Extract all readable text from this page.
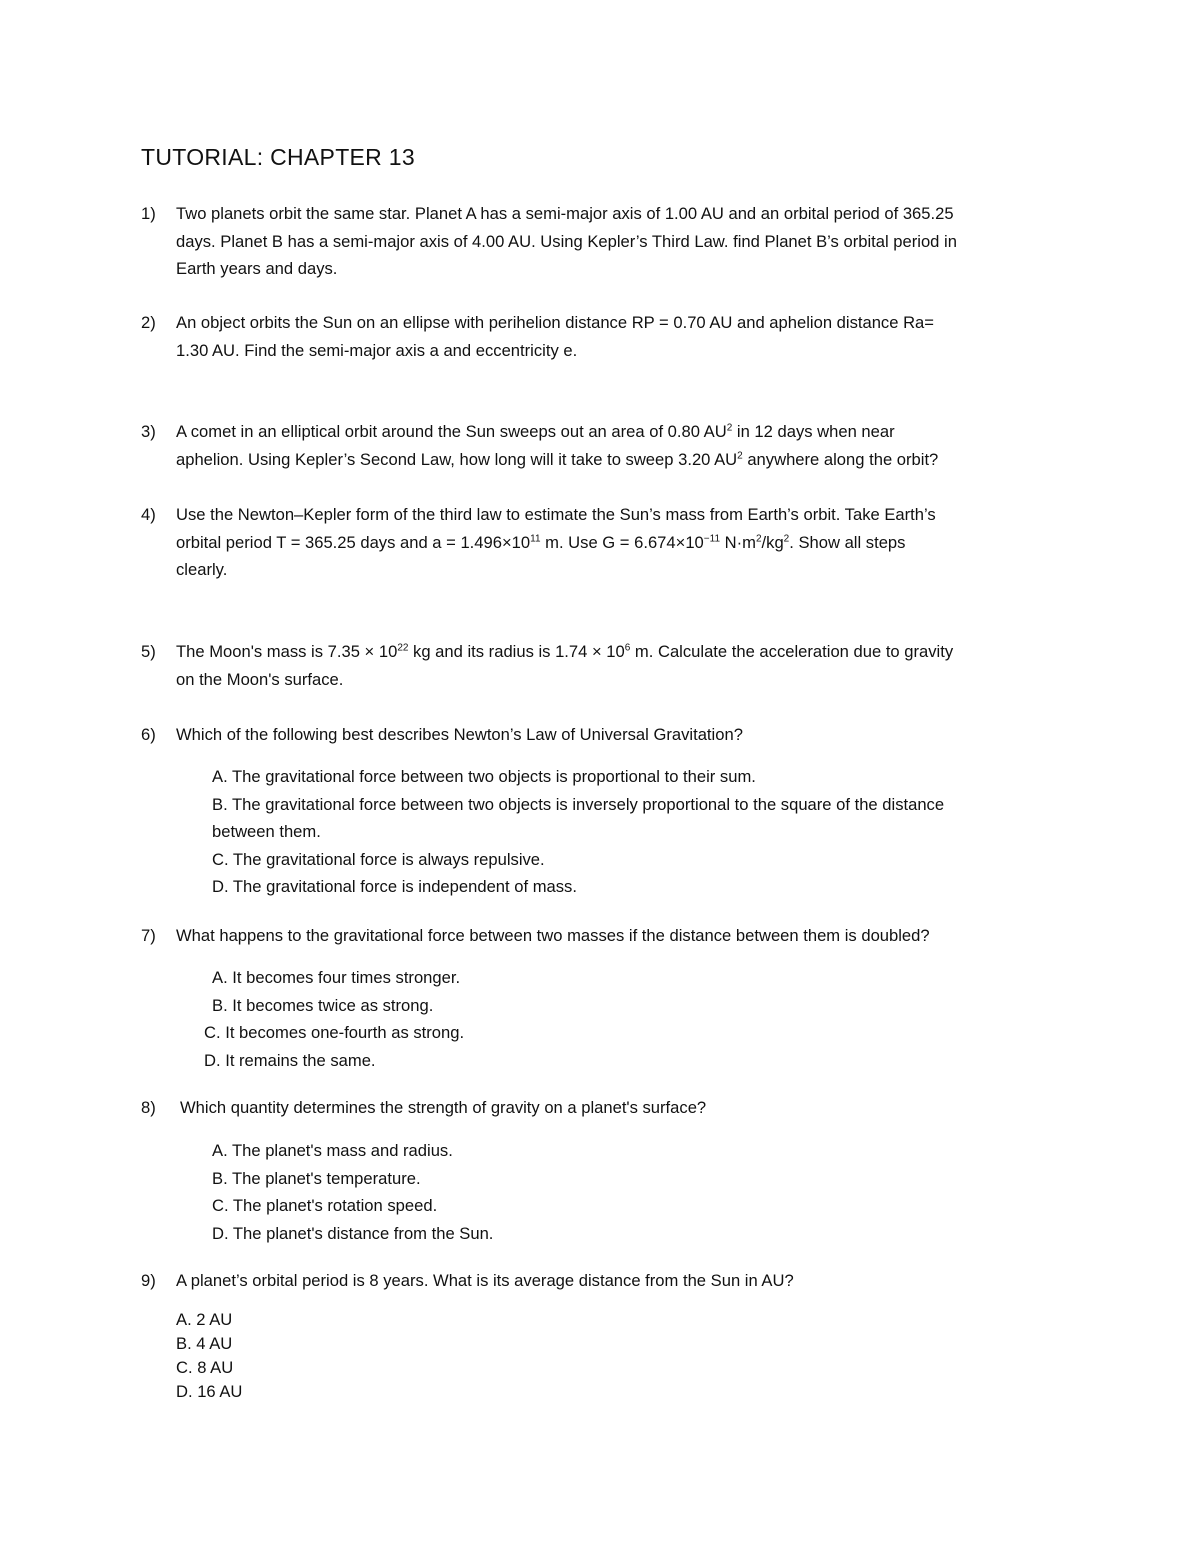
TUTORIAL: CHAPTER 13
1)	Two planets orbit the same star. Planet A has a semi-major axis of 1.00 AU and an orbital period of 365.25
days. Planet B has a semi-major axis of 4.00 AU. Using Kepler’s Third Law. find Planet B’s orbital period in
Earth years and days.
2)	An object orbits the Sun on an ellipse with perihelion distance RP = 0.70 AU and aphelion distance Ra=
1.30 AU. Find the semi-major axis a and eccentricity e.
3)	A comet in an elliptical orbit around the Sun sweeps out an area of 0.80 $AU^2$ in 12 days when near
aphelion. Using Kepler’s Second Law, how long will it take to sweep 3.20 $AU^2$ anywhere along the orbit?
4)	Use the Newton–Kepler form of the third law to estimate the Sun’s mass from Earth’s orbit. Take Earth’s
orbital period T = 365.25 days and $a = 1.496\times 10^{11}$ m. Use $G = 6.674\times 10^{-11}$ $N\cdot m^2/kg^2$. Show all steps
clearly.
5)	The Moon's mass is $7.35 \times 10^{22}$ kg and its radius is $1.74 \times 10^6$ m. Calculate the acceleration due to gravity
on the Moon's surface.
6)	Which of the following best describes Newton’s Law of Universal Gravitation?
A. The gravitational force between two objects is proportional to their sum.
B. The gravitational force between two objects is inversely proportional to the square of the distance
between them.
C. The gravitational force is always repulsive.
D. The gravitational force is independent of mass.
7)	What happens to the gravitational force between two masses if the distance between them is doubled?
A. It becomes four times stronger.
B. It becomes twice as strong.
C. It becomes one-fourth as strong.
D. It remains the same.
8)	Which quantity determines the strength of gravity on a planet's surface?
A. The planet's mass and radius.
B. The planet's temperature.
C. The planet's rotation speed.
D. The planet's distance from the Sun.
9)	A planet’s orbital period is 8 years. What is its average distance from the Sun in AU?
A. 2 AU
B. 4 AU
C. 8 AU
D. 16 AU
